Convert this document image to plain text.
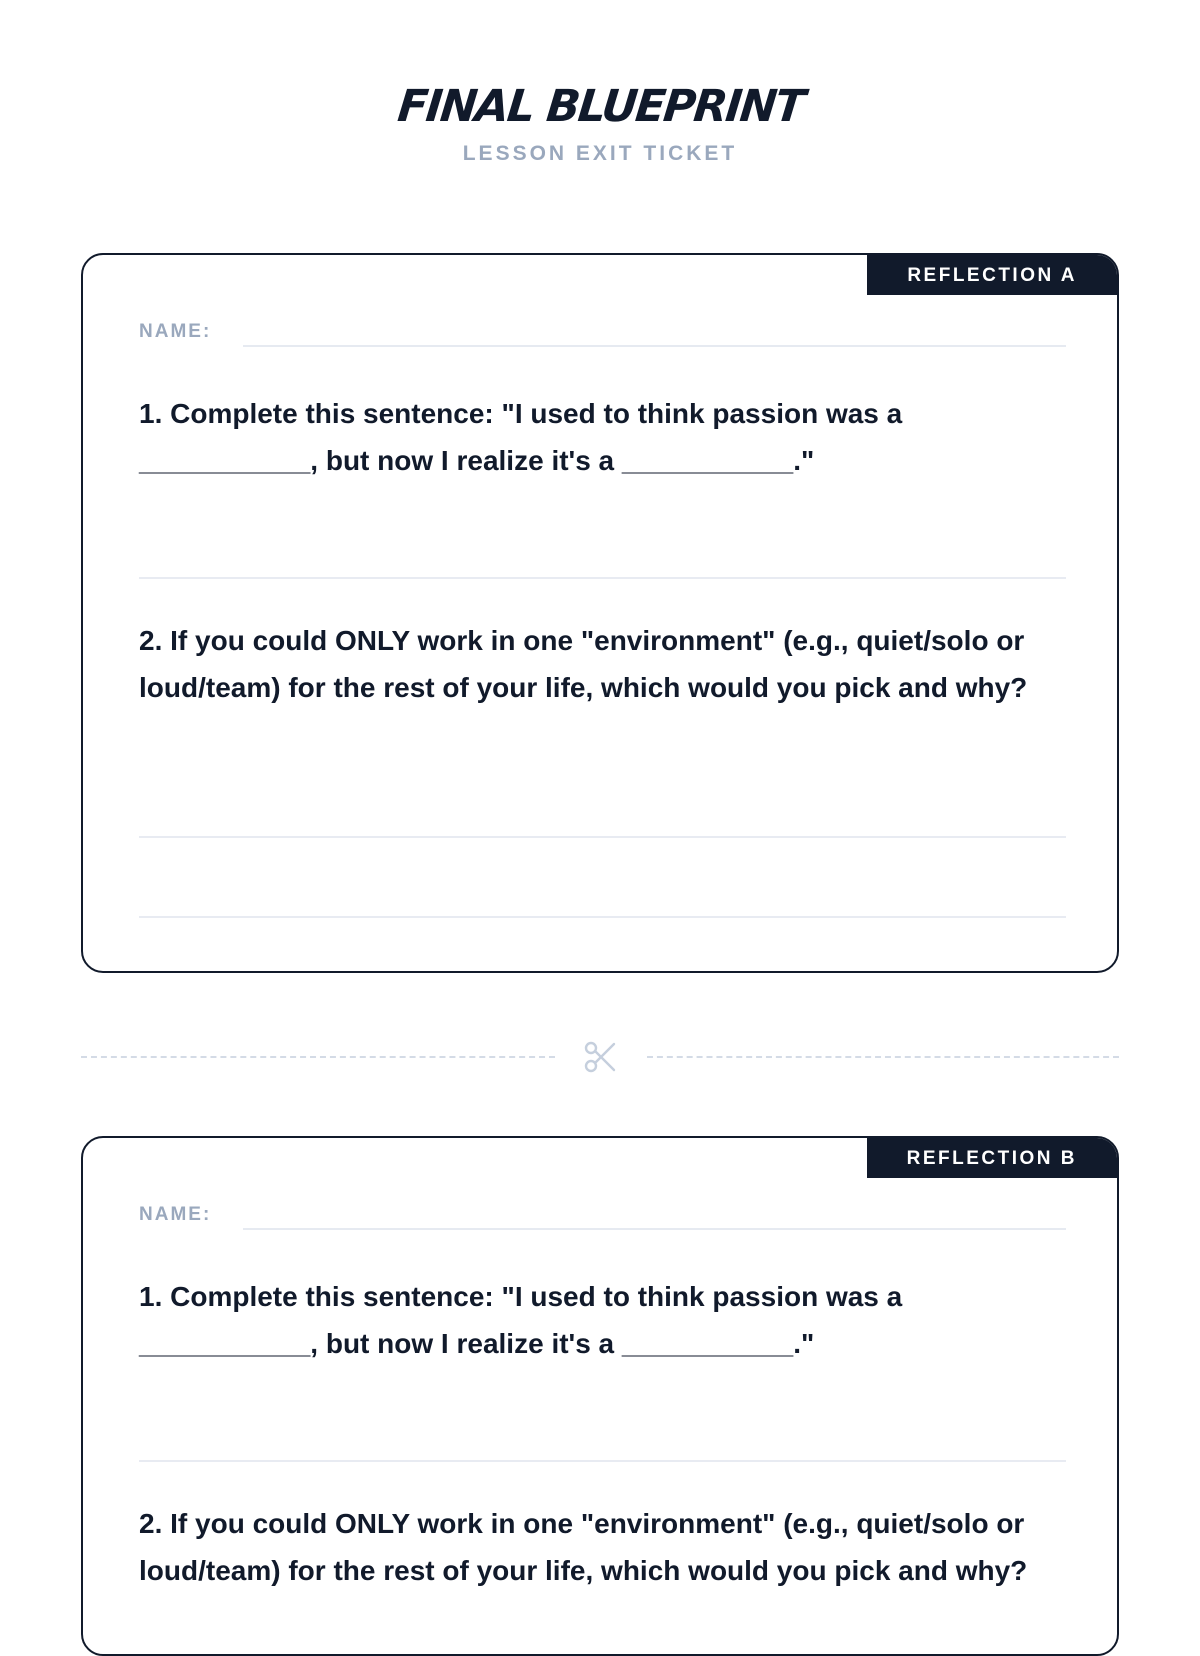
FINAL BLUEPRINT
LESSON EXIT TICKET
REFLECTION A
NAME:

1. Complete this sentence: "I used to think passion was a ___________, but now I realize it's a ___________."

2. If you could ONLY work in one "environment" (e.g., quiet/solo or loud/team) for the rest of your life, which would you pick and why?

REFLECTION B
NAME:

1. Complete this sentence: "I used to think passion was a ___________, but now I realize it's a ___________."

2. If you could ONLY work in one "environment" (e.g., quiet/solo or loud/team) for the rest of your life, which would you pick and why?
